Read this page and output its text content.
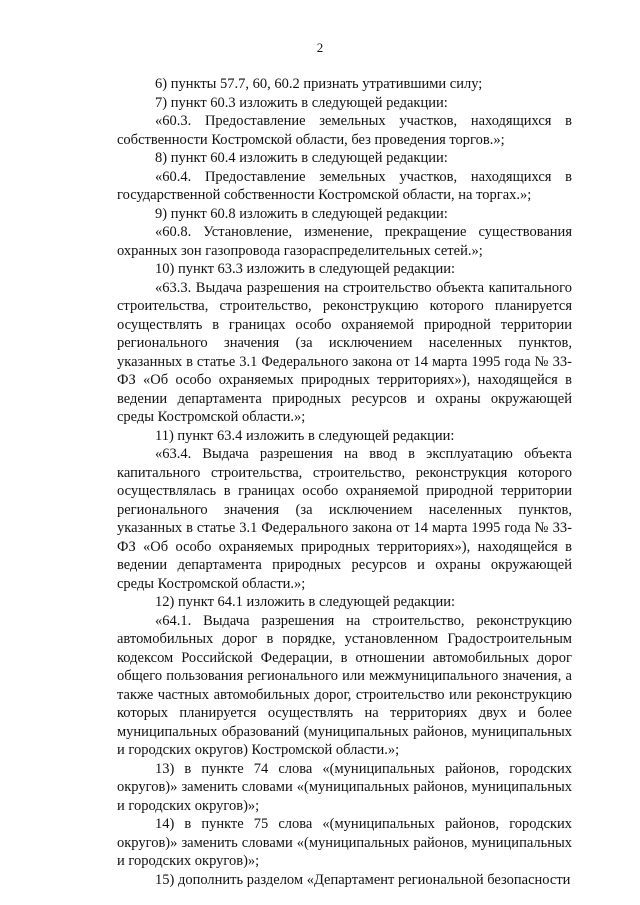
2

6) пункты 57.7, 60, 60.2 признать утратившими силу;

7) пункт 60.3 изложить в следующей редакции:

«60.3. Предоставление земельных участков, находящихся в собственности Костромской области, без проведения торгов.»;

8) пункт 60.4 изложить в следующей редакции:

«60.4. Предоставление земельных участков, находящихся в государственной собственности Костромской области, на торгах.»;

9) пункт 60.8 изложить в следующей редакции:

«60.8. Установление, изменение, прекращение существования охранных зон газопровода газораспределительных сетей.»;

10) пункт 63.3 изложить в следующей редакции:

«63.3. Выдача разрешения на строительство объекта капитального строительства, строительство, реконструкцию которого планируется осуществлять в границах особо охраняемой природной территории регионального значения (за исключением населенных пунктов, указанных в статье 3.1 Федерального закона от 14 марта 1995 года № 33-ФЗ «Об особо охраняемых природных территориях»), находящейся в ведении департамента природных ресурсов и охраны окружающей среды Костромской области.»;

11) пункт 63.4 изложить в следующей редакции:

«63.4. Выдача разрешения на ввод в эксплуатацию объекта капитального строительства, строительство, реконструкция которого осуществлялась в границах особо охраняемой природной территории регионального значения (за исключением населенных пунктов, указанных в статье 3.1 Федерального закона от 14 марта 1995 года № 33-ФЗ «Об особо охраняемых природных территориях»), находящейся в ведении департамента природных ресурсов и охраны окружающей среды Костромской области.»;

12) пункт 64.1 изложить в следующей редакции:

«64.1. Выдача разрешения на строительство, реконструкцию автомобильных дорог в порядке, установленном Градостроительным кодексом Российской Федерации, в отношении автомобильных дорог общего пользования регионального или межмуниципального значения, а также частных автомобильных дорог, строительство или реконструкцию которых планируется осуществлять на территориях двух и более муниципальных образований (муниципальных районов, муниципальных и городских округов) Костромской области.»;

13) в пункте 74 слова «(муниципальных районов, городских округов)» заменить словами «(муниципальных районов, муниципальных и городских округов)»;

14) в пункте 75 слова «(муниципальных районов, городских округов)» заменить словами «(муниципальных районов, муниципальных и городских округов)»;

15) дополнить разделом «Департамент региональной безопасности
